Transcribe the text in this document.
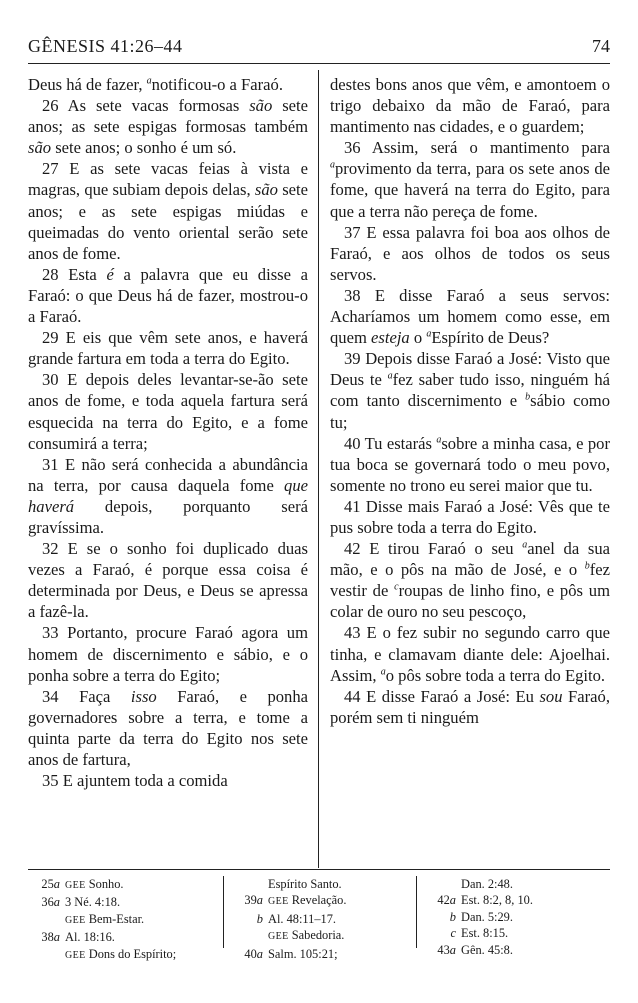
GÊNESIS 41:26–44	74

Deus há de fazer, $^a$notificou-o a Faraó.

26 As sete vacas formosas são sete anos; as sete espigas formosas também são sete anos; o sonho é um só.

27 E as sete vacas feias à vista e magras, que subiam depois delas, são sete anos; e as sete espigas miúdas e queimadas do vento oriental serão sete anos de fome.

28 Esta é a palavra que eu disse a Faraó: o que Deus há de fazer, mostrou-o a Faraó.

29 E eis que vêm sete anos, e haverá grande fartura em toda a terra do Egito.

30 E depois deles levantar-se-ão sete anos de fome, e toda aquela fartura será esquecida na terra do Egito, e a fome consumirá a terra;

31 E não será conhecida a abundância na terra, por causa daquela fome que haverá depois, porquanto será gravíssima.

32 E se o sonho foi duplicado duas vezes a Faraó, é porque essa coisa é determinada por Deus, e Deus se apressa a fazê-la.

33 Portanto, procure Faraó agora um homem de discernimento e sábio, e o ponha sobre a terra do Egito;

34 Faça isso Faraó, e ponha governadores sobre a terra, e tome a quinta parte da terra do Egito nos sete anos de fartura,

35 E ajuntem toda a comida

destes bons anos que vêm, e amontoem o trigo debaixo da mão de Faraó, para mantimento nas cidades, e o guardem;

36 Assim, será o mantimento para $^a$provimento da terra, para os sete anos de fome, que haverá na terra do Egito, para que a terra não pereça de fome.

37 E essa palavra foi boa aos olhos de Faraó, e aos olhos de todos os seus servos.

38 E disse Faraó a seus servos: Acharíamos um homem como esse, em quem esteja o $^a$Espírito de Deus?

39 Depois disse Faraó a José: Visto que Deus te $^a$fez saber tudo isso, ninguém há com tanto discernimento e $^b$sábio como tu;

40 Tu estarás $^a$sobre a minha casa, e por tua boca se governará todo o meu povo, somente no trono eu serei maior que tu.

41 Disse mais Faraó a José: Vês que te pus sobre toda a terra do Egito.

42 E tirou Faraó o seu $^a$anel da sua mão, e o pôs na mão de José, e o $^b$fez vestir de $^c$roupas de linho fino, e pôs um colar de ouro no seu pescoço,

43 E o fez subir no segundo carro que tinha, e clamavam diante dele: Ajoelhai. Assim, $^a$o pôs sobre toda a terra do Egito.

44 E disse Faraó a José: Eu sou Faraó, porém sem ti ninguém

25a GEE Sonho.
36a 3 Né. 4:18.
GEE Bem-Estar.
38a Al. 18:16.
GEE Dons do Espírito;
Espírito Santo.
39a GEE Revelação.
b Al. 48:11–17.
GEE Sabedoria.
40a Salm. 105:21;
Dan. 2:48.
42a Est. 8:2, 8, 10.
b Dan. 5:29.
c Est. 8:15.
43a Gên. 45:8.
